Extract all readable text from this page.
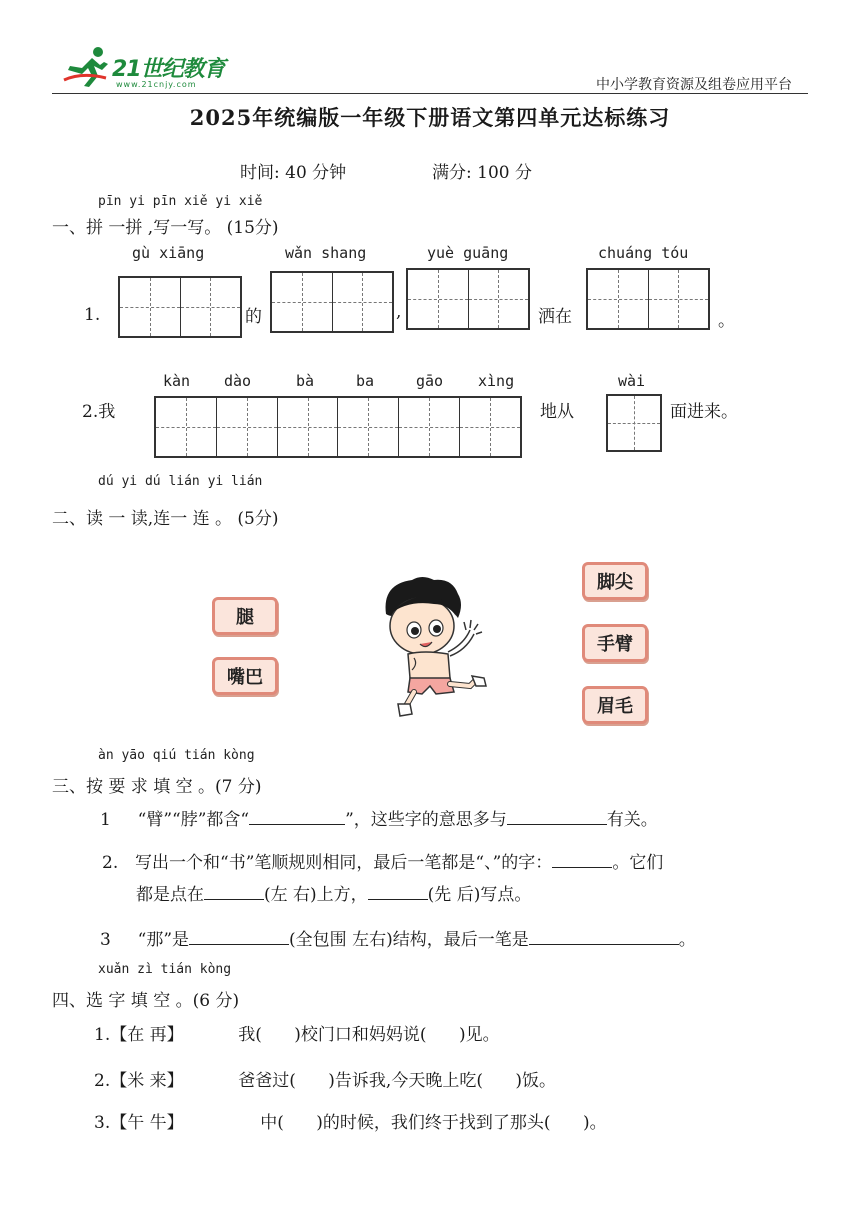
21世纪教育
www.21cnjy.com	中小学教育资源及组卷应用平台
2025年统编版一年级下册语文第四单元达标练习
时间: 40 分钟	满分: 100 分
pīn yi pīn xiě yi xiě
一、拼 一拼 ,写一写。 (15分)
gù xiāng	wǎn shang	yuè guāng	chuáng tóu
1.	的	,	洒在	。
kàn dào	bà	ba	gāo xìng
2.我	地从
wài
面进来。
dú yi dú lián yi lián
二、读 一 读,连一 连 。 (5分)
腿
嘴巴
脚尖
手臂
眉毛
àn yāo qiú tián kòng
三、按 要 求 填 空 。(7 分)
1 “臂”“脖”都含“	”，这些字的意思多与	有关。
2. 写出一个和“书”笔顺规则相同，最后一笔都是“、”的字：	。它们
都是点在	(左 右)上方，	(先 后)写点。
3 “那”是	(全包围 左右)结构，最后一笔是	。
xuǎn zì tián kòng
四、选 字 填 空 。(6 分)
1.【在 再】	我(      )校门口和妈妈说(      )见。
2.【米 来】	爸爸过(      )告诉我,今天晚上吃(      )饭。
3.【午 牛】	中(      )的时候，我们终于找到了那头(      )。
